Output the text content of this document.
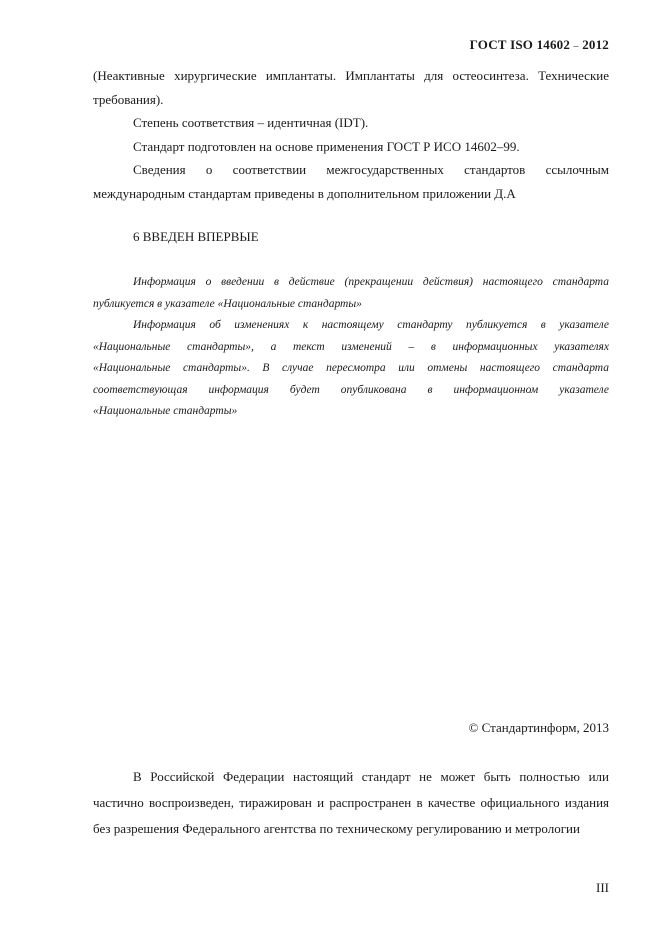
ГОСТ ISO 14602 – 2012

(Неактивные хирургические имплантаты. Имплантаты для остеосинтеза. Технические

требования).

Степень соответствия – идентичная (IDT).

Стандарт подготовлен на основе применения ГОСТ Р ИСО 14602–99.

Сведения о соответствии межгосударственных стандартов ссылочным

международным стандартам приведены в дополнительном приложении Д.А

6 ВВЕДЕН ВПЕРВЫЕ

Информация о введении в действие (прекращении действия) настоящего стандарта

публикуется в указателе «Национальные стандарты»

Информация об изменениях к настоящему стандарту публикуется в указателе

«Национальные стандарты», а текст изменений – в информационных указателях

«Национальные стандарты». В случае пересмотра или отмены настоящего стандарта

соответствующая информация будет опубликована в информационном указателе

«Национальные стандарты»

© Стандартинформ, 2013

В Российской Федерации настоящий стандарт не может быть полностью или

частично воспроизведен, тиражирован и распространен в качестве официального издания

без разрешения Федерального агентства по техническому регулированию и метрологии

III
